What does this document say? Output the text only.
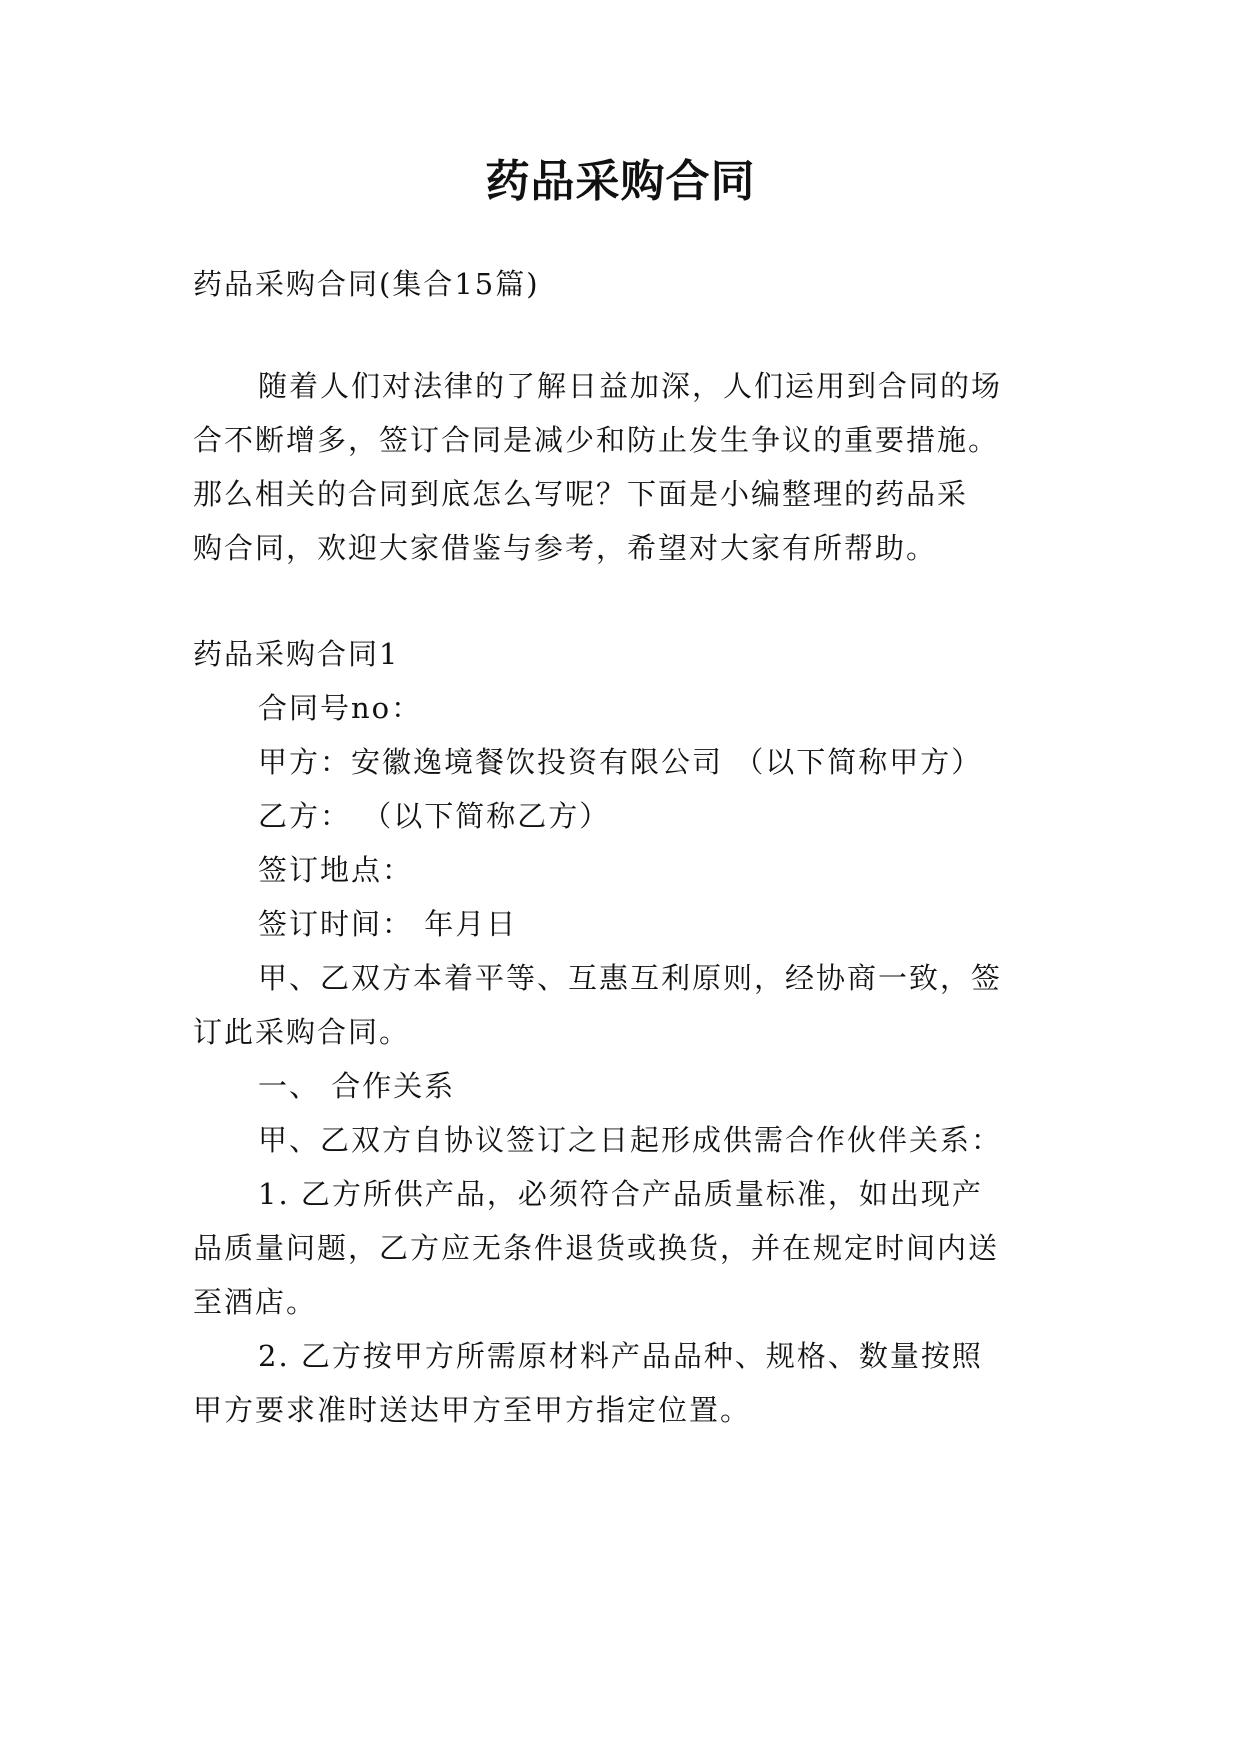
药品采购合同
药品采购合同(集合15篇)
随着人们对法律的了解日益加深，人们运用到合同的场
合不断增多，签订合同是减少和防止发生争议的重要措施。
那么相关的合同到底怎么写呢？下面是小编整理的药品采
购合同，欢迎大家借鉴与参考，希望对大家有所帮助。
药品采购合同1
合同号no：
甲方：安徽逸境餐饮投资有限公司 （以下简称甲方）
乙方： （以下简称乙方）
签订地点：
签订时间： 年月日
甲、乙双方本着平等、互惠互利原则，经协商一致，签
订此采购合同。
一、 合作关系
甲、乙双方自协议签订之日起形成供需合作伙伴关系：
1. 乙方所供产品，必须符合产品质量标准，如出现产
品质量问题，乙方应无条件退货或换货，并在规定时间内送
至酒店。
2. 乙方按甲方所需原材料产品品种、规格、数量按照
甲方要求准时送达甲方至甲方指定位置。
